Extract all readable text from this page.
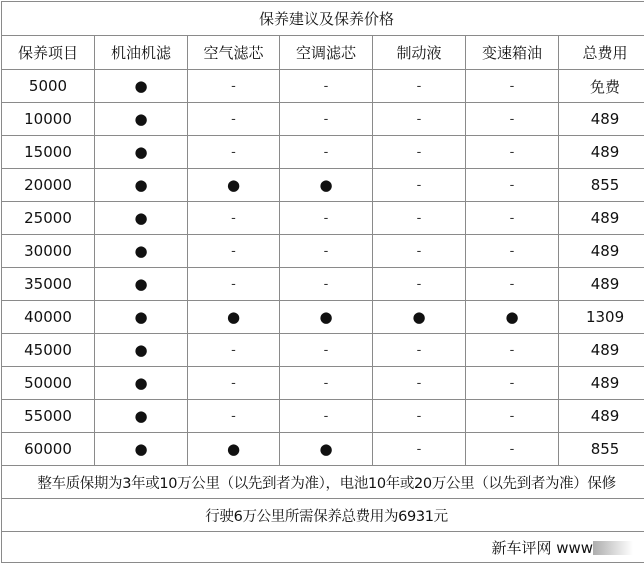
保养建议及保养价格						
保养项目	机油机滤	空气滤芯	空调滤芯	制动液	变速箱油	总费用
5000	●	-	-	-	-	免费
10000	●	-	-	-	-	489
15000	●	-	-	-	-	489
20000	●	●	●	-	-	855
25000	●	-	-	-	-	489
30000	●	-	-	-	-	489
35000	●	-	-	-	-	489
40000	●	●	●	●	●	1309
45000	●	-	-	-	-	489
50000	●	-	-	-	-	489
55000	●	-	-	-	-	489
60000	●	●	●	-	-	855
整车质保期为3年或10万公里（以先到者为准），电池10年或20万公里（以先到者为准）保修						
行驶6万公里所需保养总费用为6931元						
新车评网 www						
